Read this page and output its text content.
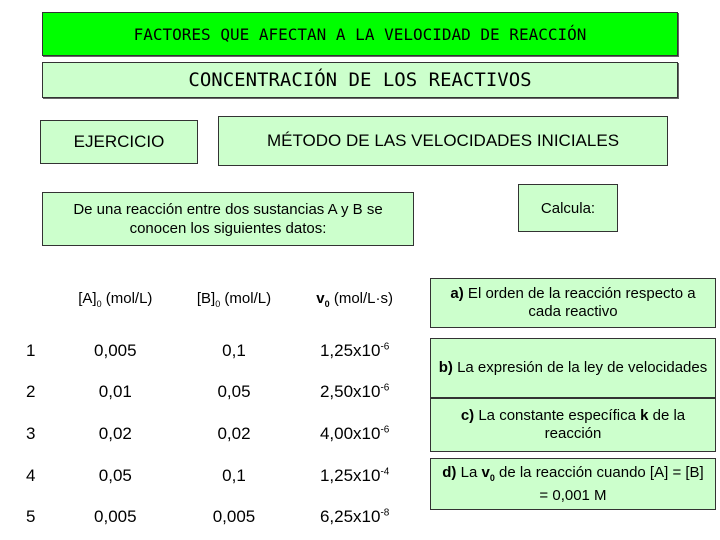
FACTORES QUE AFECTAN A LA VELOCIDAD DE REACCIÓN
CONCENTRACIÓN DE LOS REACTIVOS
EJERCICIO	MÉTODO DE LAS VELOCIDADES INICIALES
De una reacción entre dos sustancias A y B se conocen los siguientes datos:
Calcula:
	$[A]_0$ (mol/L)	$[B]_0$ (mol/L)	$v_0$ (mol/L·s)
1	0,005	0,1	$1,25x10^{-6}$
2	0,01	0,05	$2,50x10^{-6}$
3	0,02	0,02	$4,00x10^{-6}$
4	0,05	0,1	$1,25x10^{-4}$
5	0,005	0,005	$6,25x10^{-8}$
a) El orden de la reacción respecto a cada reactivo
b) La expresión de la ley de velocidades
c) La constante específica k de la reacción
d) La $v_0$ de la reacción cuando [A] = [B] = 0,001 M
